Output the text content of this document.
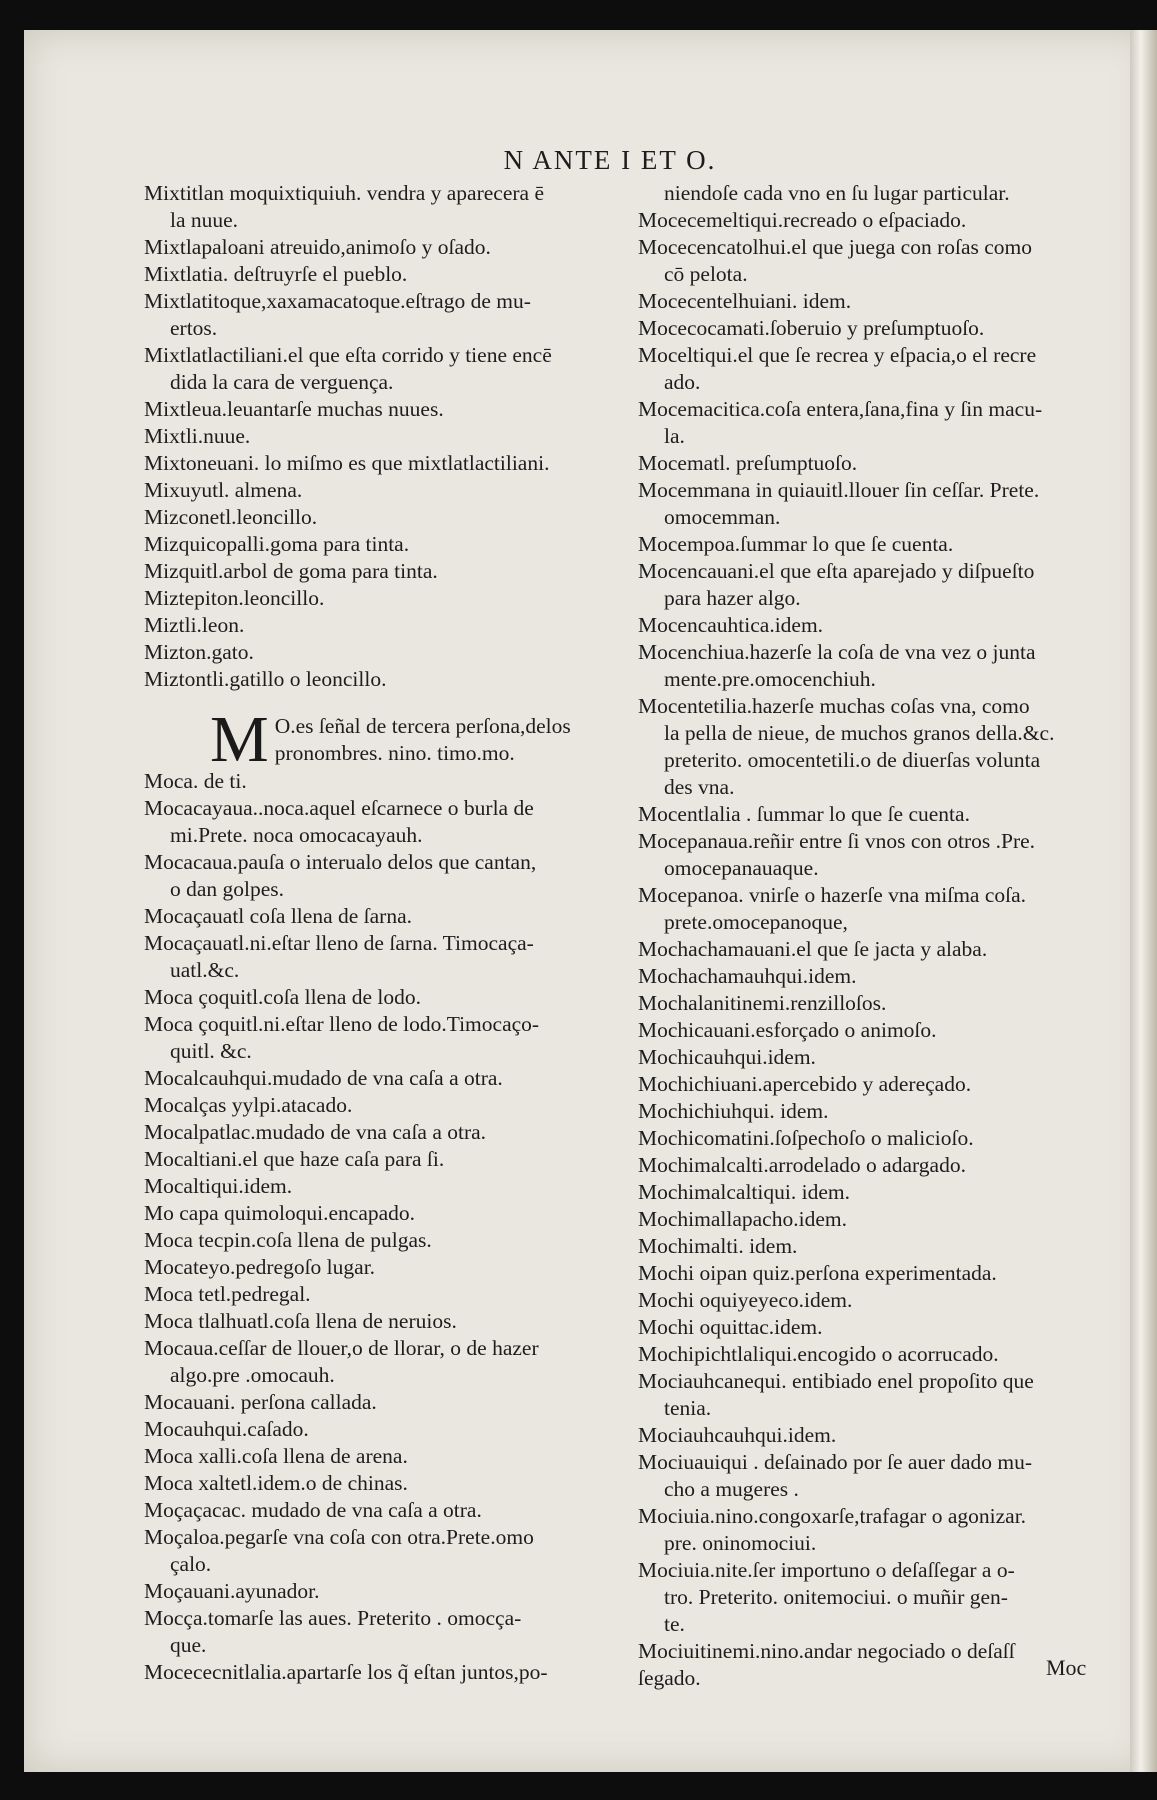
N ANTE I ET O.
Mixtitlan moquixtiquiuh. vendra y aparecera ē
la nuue.
Mixtlapaloani atreuido,animoſo y oſado.
Mixtlatia. deſtruyrſe el pueblo.
Mixtlatitoque,xaxamacatoque.eſtrago de mu-
ertos.
Mixtlatlactiliani.el que eſta corrido y tiene encē
dida la cara de verguença.
Mixtleua.leuantarſe muchas nuues.
Mixtli.nuue.
Mixtoneuani. lo miſmo es que mixtlatlactiliani.
Mixuyutl. almena.
Mizconetl.leoncillo.
Mizquicopalli.goma para tinta.
Mizquitl.arbol de goma para tinta.
Miztepiton.leoncillo.
Miztli.leon.
Mizton.gato.
Miztontli.gatillo o leoncillo.
M O.es ſeñal de tercera perſona,delos
pronombres. nino. timo.mo.
Moca. de ti.
Mocacayaua..noca.aquel eſcarnece o burla de
mi.Prete. noca omocacayauh.
Mocacaua.pauſa o interualo delos que cantan,
o dan golpes.
Mocaçauatl coſa llena de ſarna.
Mocaçauatl.ni.eſtar lleno de ſarna. Timocaça-
uatl.&c.
Moca çoquitl.coſa llena de lodo.
Moca çoquitl.ni.eſtar lleno de lodo.Timocaço-
quitl. &c.
Mocalcauhqui.mudado de vna caſa a otra.
Mocalças yylpi.atacado.
Mocalpatlac.mudado de vna caſa a otra.
Mocaltiani.el que haze caſa para ſi.
Mocaltiqui.idem.
Mo capa quimoloqui.encapado.
Moca tecpin.coſa llena de pulgas.
Mocateyo.pedregoſo lugar.
Moca tetl.pedregal.
Moca tlalhuatl.coſa llena de neruios.
Mocaua.ceſſar de llouer,o de llorar, o de hazer
algo.pre .omocauh.
Mocauani. perſona callada.
Mocauhqui.caſado.
Moca xalli.coſa llena de arena.
Moca xaltetl.idem.o de chinas.
Moçaçacac. mudado de vna caſa a otra.
Moçaloa.pegarſe vna coſa con otra.Prete.omo
çalo.
Moçauani.ayunador.
Mocça.tomarſe las aues. Preterito . omocça-
que.
Mocececnitlalia.apartarſe los q̃ eſtan juntos,po-
niendoſe cada vno en ſu lugar particular.
Mocecemeltiqui.recreado o eſpaciado.
Mocecencatolhui.el que juega con roſas como
cō pelota.
Mocecentelhuiani. idem.
Mocecocamati.ſoberuio y preſumptuoſo.
Moceltiqui.el que ſe recrea y eſpacia,o el recre
ado.
Mocemacitica.coſa entera,ſana,fina y ſin macu-
la.
Mocematl. preſumptuoſo.
Mocemmana in quiauitl.llouer ſin ceſſar. Prete.
omocemman.
Mocempoa.ſummar lo que ſe cuenta.
Mocencauani.el que eſta aparejado y diſpueſto
para hazer algo.
Mocencauhtica.idem.
Mocenchiua.hazerſe la coſa de vna vez o junta
mente.pre.omocenchiuh.
Mocentetilia.hazerſe muchas coſas vna, como
la pella de nieue, de muchos granos della.&c.
preterito. omocentetili.o de diuerſas volunta
des vna.
Mocentlalia . ſummar lo que ſe cuenta.
Mocepanaua.reñir entre ſi vnos con otros .Pre.
omocepanauaque.
Mocepanoa. vnirſe o hazerſe vna miſma coſa.
prete.omocepanoque,
Mochachamauani.el que ſe jacta y alaba.
Mochachamauhqui.idem.
Mochalanitinemi.renzilloſos.
Mochicauani.esforçado o animoſo.
Mochicauhqui.idem.
Mochichiuani.apercebido y adereçado.
Mochichiuhqui. idem.
Mochicomatini.ſoſpechoſo o malicioſo.
Mochimalcalti.arrodelado o adargado.
Mochimalcaltiqui. idem.
Mochimallapacho.idem.
Mochimalti. idem.
Mochi oipan quiz.perſona experimentada.
Mochi oquiyeyeco.idem.
Mochi oquittac.idem.
Mochipichtlaliqui.encogido o acorrucado.
Mociauhcanequi. entibiado enel propoſito que
tenia.
Mociauhcauhqui.idem.
Mociuauiqui . deſainado por ſe auer dado mu-
cho a mugeres .
Mociuia.nino.congoxarſe,trafagar o agonizar.
pre. oninomociui.
Mociuia.nite.ſer importuno o deſaſſegar a o-
tro. Preterito. onitemociui. o muñir gen-
te.
Mociuitinemi.nino.andar negociado o deſaſſ
ſegado.	Moc
